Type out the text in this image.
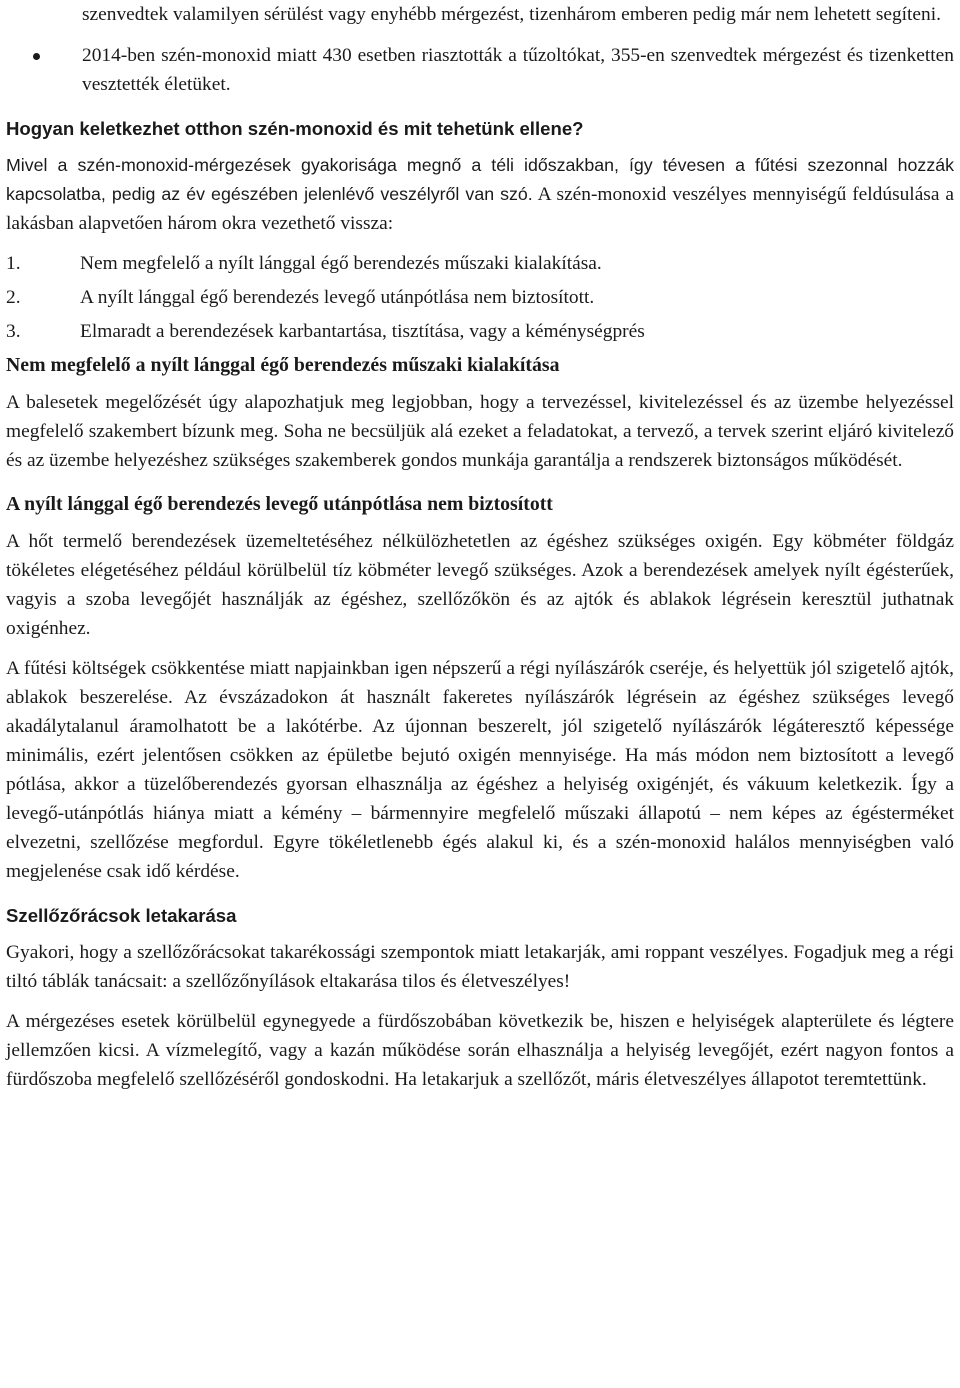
szenvedtek valamilyen sérülést vagy enyhébb mérgezést, tizenhárom emberen pedig már nem lehetett segíteni.
2014-ben szén-monoxid miatt 430 esetben riasztották a tűzoltókat, 355-en szenvedtek mérgezést és tizenketten vesztették életüket.
Hogyan keletkezhet otthon szén-monoxid és mit tehetünk ellene?

Mivel a szén-monoxid-mérgezések gyakorisága megnő a téli időszakban, így tévesen a fűtési szezonnal hozzák kapcsolatba, pedig az év egészében jelenlévő veszélyről van szó. A szén-monoxid veszélyes mennyiségű feldúsulása a lakásban alapvetően három okra vezethető vissza:

1.	Nem megfelelő a nyílt lánggal égő berendezés műszaki kialakítása.
2.	A nyílt lánggal égő berendezés levegő utánpótlása nem biztosított.
3.	Elmaradt a berendezések karbantartása, tisztítása, vagy a kéménységprés
Nem megfelelő a nyílt lánggal égő berendezés műszaki kialakítása

A balesetek megelőzését úgy alapozhatjuk meg legjobban, hogy a tervezéssel, kivitelezéssel és az üzembe helyezéssel megfelelő szakembert bízunk meg. Soha ne becsüljük alá ezeket a feladatokat, a tervező, a tervek szerint eljáró kivitelező és az üzembe helyezéshez szükséges szakemberek gondos munkája garantálja a rendszerek biztonságos működését.

A nyílt lánggal égő berendezés levegő utánpótlása nem biztosított

A hőt termelő berendezések üzemeltetéséhez nélkülözhetetlen az égéshez szükséges oxigén. Egy köbméter földgáz tökéletes elégetéséhez például körülbelül tíz köbméter levegő szükséges. Azok a berendezések amelyek nyílt égésterűek, vagyis a szoba levegőjét használják az égéshez, szellőzőkön és az ajtók és ablakok légrésein keresztül juthatnak oxigénhez.

A fűtési költségek csökkentése miatt napjainkban igen népszerű a régi nyílászárók cseréje, és helyettük jól szigetelő ajtók, ablakok beszerelése. Az évszázadokon át használt fakeretes nyílászárók légrésein az égéshez szükséges levegő akadálytalanul áramolhatott be a lakótérbe. Az újonnan beszerelt, jól szigetelő nyílászárók légáteresztő képessége minimális, ezért jelentősen csökken az épületbe bejutó oxigén mennyisége. Ha más módon nem biztosított a levegő pótlása, akkor a tüzelőberendezés gyorsan elhasználja az égéshez a helyiség oxigénjét, és vákuum keletkezik. Így a levegő-utánpótlás hiánya miatt a kémény – bármennyire megfelelő műszaki állapotú – nem képes az égésterméket elvezetni, szellőzése megfordul. Egyre tökéletlenebb égés alakul ki, és a szén-monoxid halálos mennyiségben való megjelenése csak idő kérdése.

Szellőzőrácsok letakarása

Gyakori, hogy a szellőzőrácsokat takarékossági szempontok miatt letakarják, ami roppant veszélyes. Fogadjuk meg a régi tiltó táblák tanácsait: a szellőzőnyílások eltakarása tilos és életveszélyes!

A mérgezéses esetek körülbelül egynegyede a fürdőszobában következik be, hiszen e helyiségek alapterülete és légtere jellemzően kicsi. A vízmelegítő, vagy a kazán működése során elhasználja a helyiség levegőjét, ezért nagyon fontos a fürdőszoba megfelelő szellőzéséről gondoskodni. Ha letakarjuk a szellőzőt, máris életveszélyes állapotot teremtettünk.
